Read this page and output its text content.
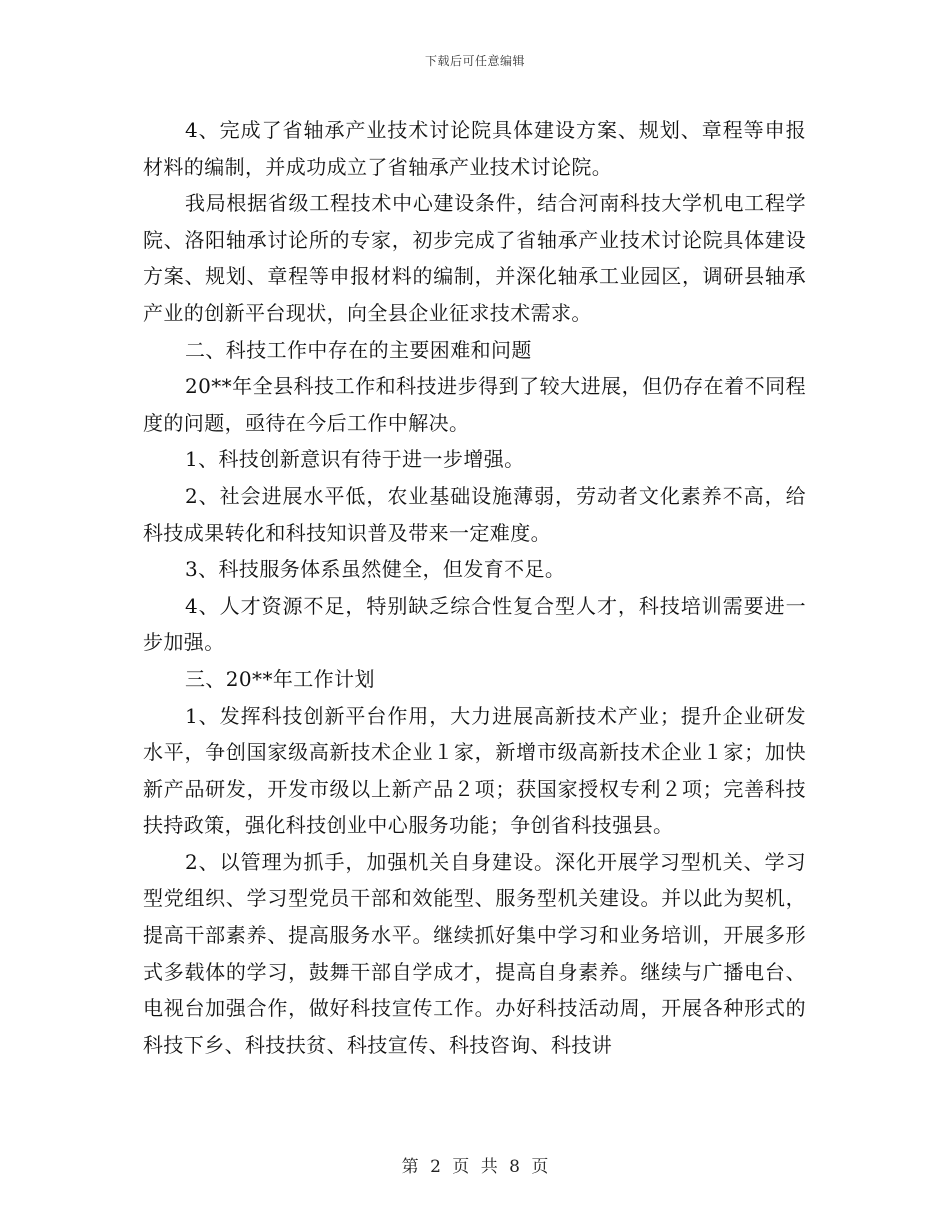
下载后可任意编辑

4、完成了省轴承产业技术讨论院具体建设方案、规划、章程等申报材料的编制，并成功成立了省轴承产业技术讨论院。

我局根据省级工程技术中心建设条件，结合河南科技大学机电工程学院、洛阳轴承讨论所的专家，初步完成了省轴承产业技术讨论院具体建设方案、规划、章程等申报材料的编制，并深化轴承工业园区，调研县轴承产业的创新平台现状，向全县企业征求技术需求。

二、科技工作中存在的主要困难和问题

20**年全县科技工作和科技进步得到了较大进展，但仍存在着不同程度的问题，亟待在今后工作中解决。

1、科技创新意识有待于进一步增强。

2、社会进展水平低，农业基础设施薄弱，劳动者文化素养不高，给科技成果转化和科技知识普及带来一定难度。

3、科技服务体系虽然健全，但发育不足。

4、人才资源不足，特别缺乏综合性复合型人才，科技培训需要进一步加强。

三、20**年工作计划

1、发挥科技创新平台作用，大力进展高新技术产业；提升企业研发水平，争创国家级高新技术企业１家，新增市级高新技术企业１家；加快新产品研发，开发市级以上新产品２项；获国家授权专利２项；完善科技扶持政策，强化科技创业中心服务功能；争创省科技强县。

2、以管理为抓手，加强机关自身建设。深化开展学习型机关、学习型党组织、学习型党员干部和效能型、服务型机关建设。并以此为契机，提高干部素养、提高服务水平。继续抓好集中学习和业务培训，开展多形式多载体的学习，鼓舞干部自学成才，提高自身素养。继续与广播电台、电视台加强合作，做好科技宣传工作。办好科技活动周，开展各种形式的科技下乡、科技扶贫、科技宣传、科技咨询、科技讲

第 2 页 共 8 页
